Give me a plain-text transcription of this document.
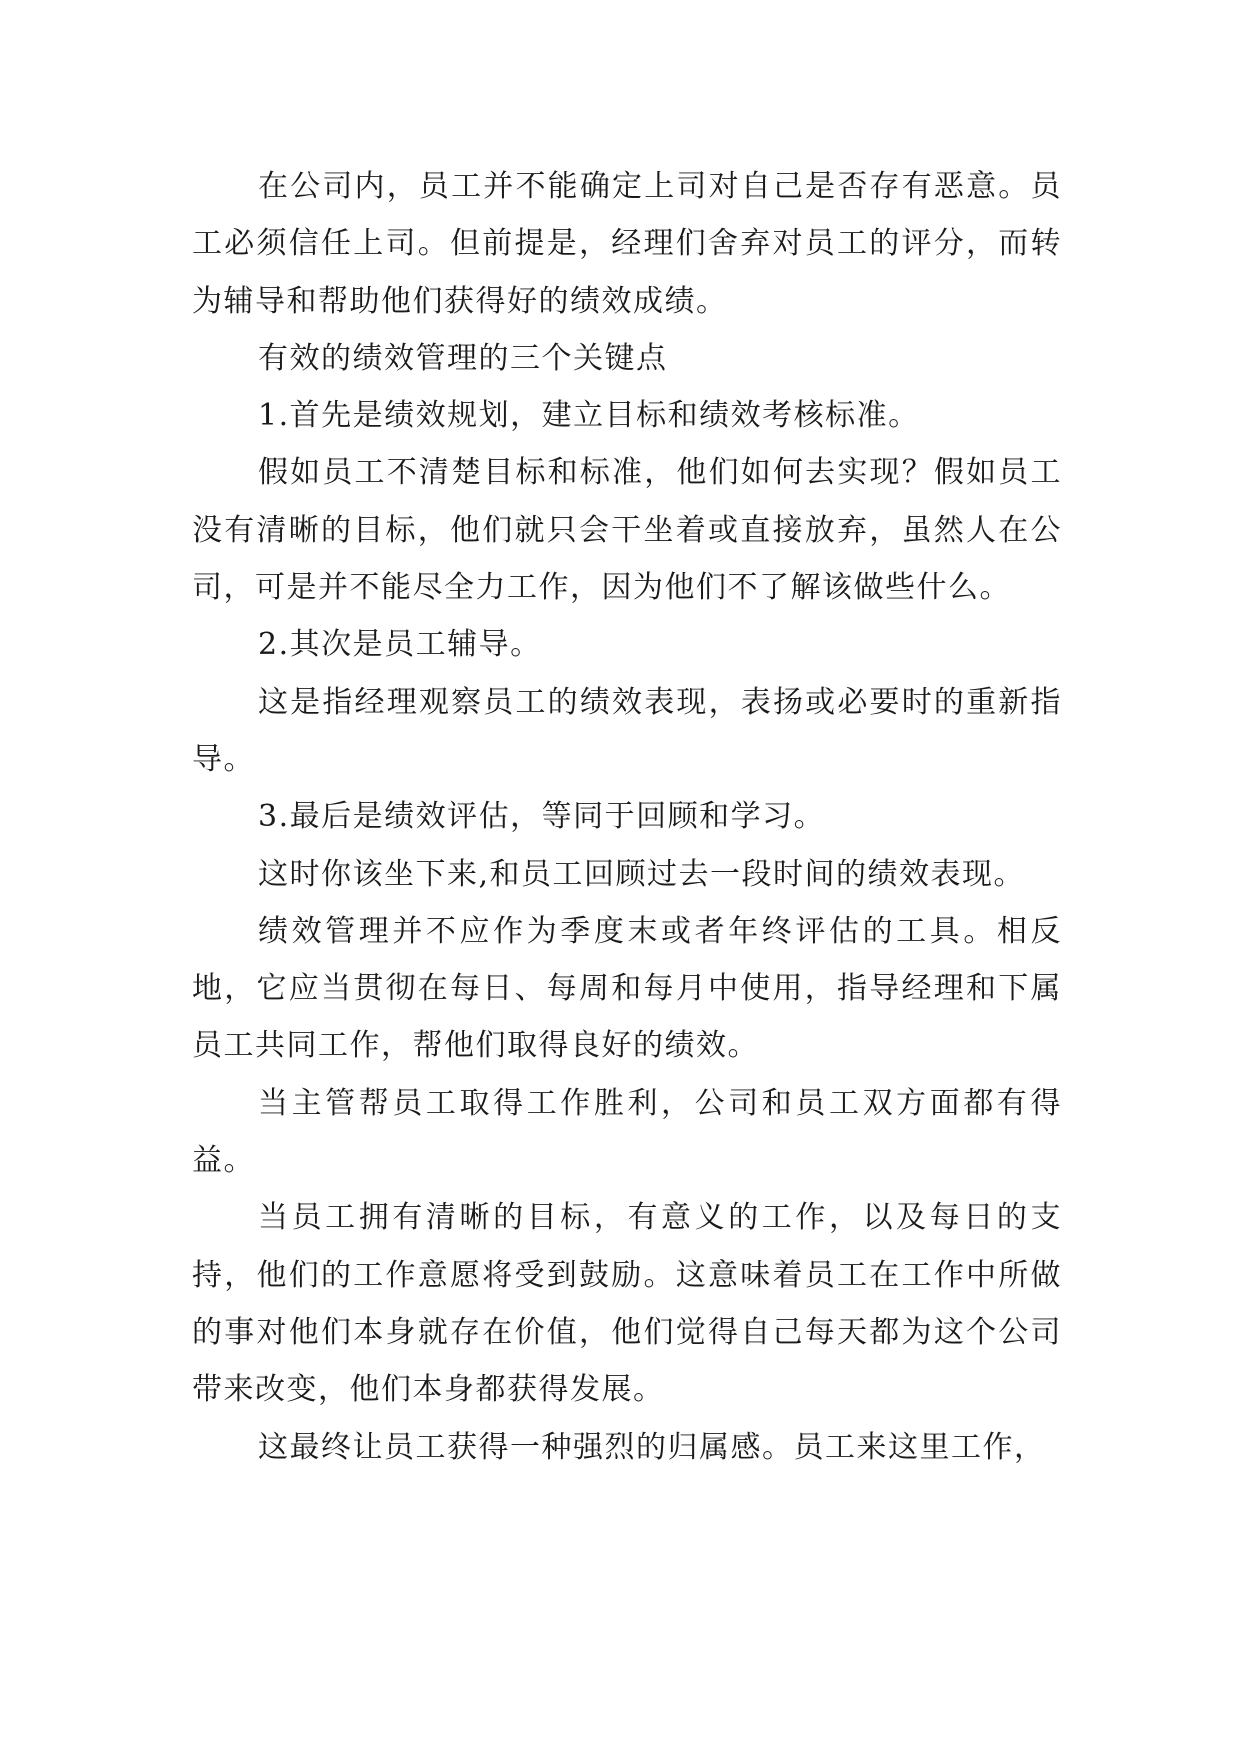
在公司内，员工并不能确定上司对自己是否存有恶意。员工必须信任上司。但前提是，经理们舍弃对员工的评分，而转为辅导和帮助他们获得好的绩效成绩。

有效的绩效管理的三个关键点

1.首先是绩效规划，建立目标和绩效考核标准。

假如员工不清楚目标和标准，他们如何去实现？假如员工没有清晰的目标，他们就只会干坐着或直接放弃，虽然人在公司，可是并不能尽全力工作，因为他们不了解该做些什么。

2.其次是员工辅导。

这是指经理观察员工的绩效表现，表扬或必要时的重新指导。

3.最后是绩效评估，等同于回顾和学习。

这时你该坐下来,和员工回顾过去一段时间的绩效表现。

绩效管理并不应作为季度末或者年终评估的工具。相反地，它应当贯彻在每日、每周和每月中使用，指导经理和下属员工共同工作，帮他们取得良好的绩效。

当主管帮员工取得工作胜利，公司和员工双方面都有得益。

当员工拥有清晰的目标，有意义的工作，以及每日的支持，他们的工作意愿将受到鼓励。这意味着员工在工作中所做的事对他们本身就存在价值，他们觉得自己每天都为这个公司带来改变，他们本身都获得发展。

这最终让员工获得一种强烈的归属感。员工来这里工作，
